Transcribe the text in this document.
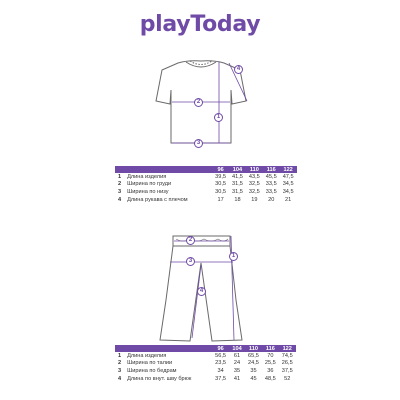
playToday
1
2
3
4
		96	104	110	116	122
1	Длина изделия	39,5	41,5	43,5	45,5	47,5
2	Ширина по груди	30,5	31,5	32,5	33,5	34,5
3	Ширина по низу	30,5	31,5	32,5	33,5	34,5
4	Длина рукава с плечом	17	18	19	20	21
1
2
3
4
		96	104	110	116	122
1	Длина изделия	56,5	61	65,5	70	74,5
2	Ширина по талии	23,5	24	24,5	25,5	26,5
3	Ширина по бедрам	34	35	35	36	37,5
4	Длина по внут. шву брюк	37,5	41	45	48,5	52
